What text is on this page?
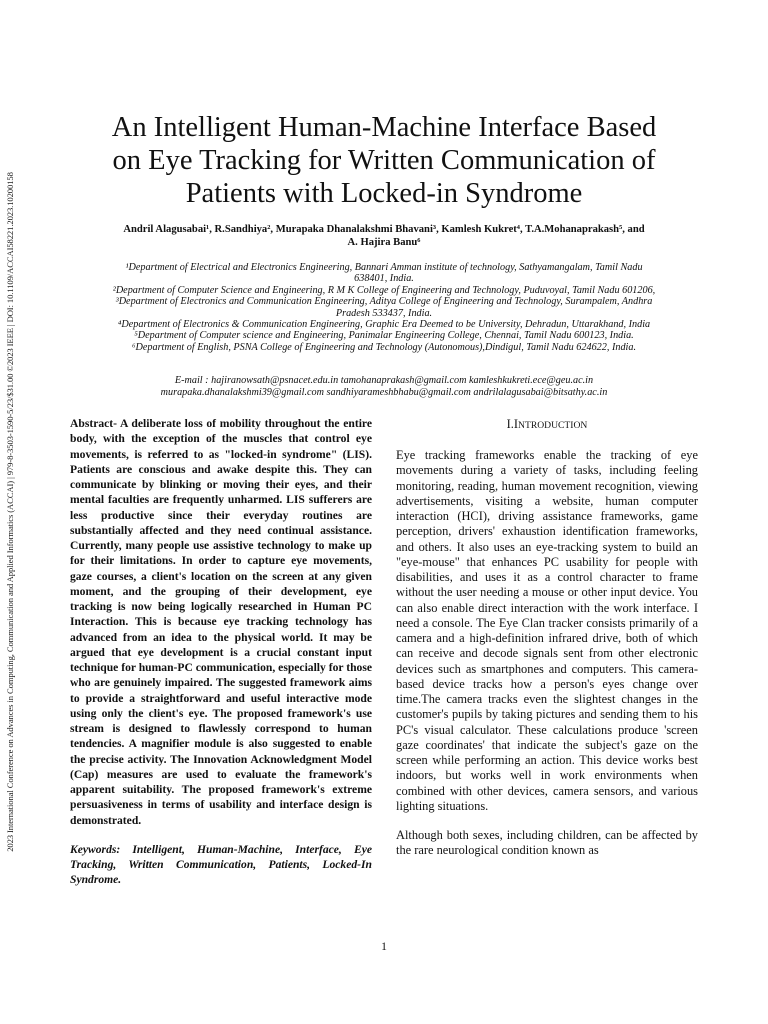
2023 International Conference on Advances in Computing, Communication and Applied Informatics (ACCAI) | 979-8-3503-1590-5/23/$31.00 ©2023 IEEE | DOI: 10.1109/ACCAI58221.2023.10200158
An Intelligent Human-Machine Interface Based
on Eye Tracking for Written Communication of
Patients with Locked-in Syndrome
Andril Alagusabai¹, R.Sandhiya², Murapaka Dhanalakshmi Bhavani³, Kamlesh Kukret⁴, T.A.Mohanaprakash⁵, and
A. Hajira Banu⁶
¹Department of Electrical and Electronics Engineering, Bannari Amman institute of technology, Sathyamangalam, Tamil Nadu
638401, India.
²Department of Computer Science and Engineering, R M K College of Engineering and Technology, Puduvoyal, Tamil Nadu 601206,
³Department of Electronics and Communication Engineering, Aditya College of Engineering and Technology, Surampalem, Andhra
Pradesh 533437, India.
⁴Department of Electronics & Communication Engineering, Graphic Era Deemed to be University, Dehradun, Uttarakhand, India
⁵Department of Computer science and Engineering, Panimalar Engineering College, Chennai, Tamil Nadu 600123, India.
⁶Department of English, PSNA College of Engineering and Technology (Autonomous),Dindigul, Tamil Nadu 624622, India.
E-mail : hajiranowsath@psnacet.edu.in tamohanaprakash@gmail.com kamleshkukreti.ece@geu.ac.in
murapaka.dhanalakshmi39@gmail.com sandhiyarameshbhabu@gmail.com andrilalagusabai@bitsathy.ac.in

Abstract- A deliberate loss of mobility throughout the entire body, with the exception of the muscles that control eye movements, is referred to as "locked-in syndrome" (LIS). Patients are conscious and awake despite this. They can communicate by blinking or moving their eyes, and their mental faculties are frequently unharmed. LIS sufferers are less productive since their everyday routines are substantially affected and they need continual assistance. Currently, many people use assistive technology to make up for their limitations. In order to capture eye movements, gaze courses, a client's location on the screen at any given moment, and the grouping of their development, eye tracking is now being logically researched in Human PC Interaction. This is because eye tracking technology has advanced from an idea to the physical world. It may be argued that eye development is a crucial constant input technique for human-PC communication, especially for those who are genuinely impaired. The suggested framework aims to provide a straightforward and useful interactive mode using only the client's eye. The proposed framework's use stream is designed to flawlessly correspond to human tendencies. A magnifier module is also suggested to enable the precise activity. The Innovation Acknowledgment Model (Cap) measures are used to evaluate the framework's apparent suitability. The proposed framework's extreme persuasiveness in terms of usability and interface design is demonstrated.

Keywords: Intelligent, Human-Machine, Interface, Eye Tracking, Written Communication, Patients, Locked-In Syndrome.

I.INTRODUCTION

Eye tracking frameworks enable the tracking of eye movements during a variety of tasks, including feeling monitoring, reading, human movement recognition, viewing advertisements, visiting a website, human computer interaction (HCI), driving assistance frameworks, game perception, drivers' exhaustion identification frameworks, and others. It also uses an eye-tracking system to build an "eye-mouse" that enhances PC usability for people with disabilities, and uses it as a control character to frame without the user needing a mouse or other input device. You can also enable direct interaction with the work interface. I need a console. The Eye Clan tracker consists primarily of a camera and a high-definition infrared drive, both of which can receive and decode signals sent from other electronic devices such as smartphones and computers. This camera-based device tracks how a person's eyes change over time.The camera tracks even the slightest changes in the customer's pupils by taking pictures and sending them to his PC's visual calculator. These calculations produce 'screen gaze coordinates' that indicate the subject's gaze on the screen while performing an action. This device works best indoors, but works well in work environments when combined with other devices, camera sensors, and various lighting situations.

Although both sexes, including children, can be affected by the rare neurological condition known as

1
